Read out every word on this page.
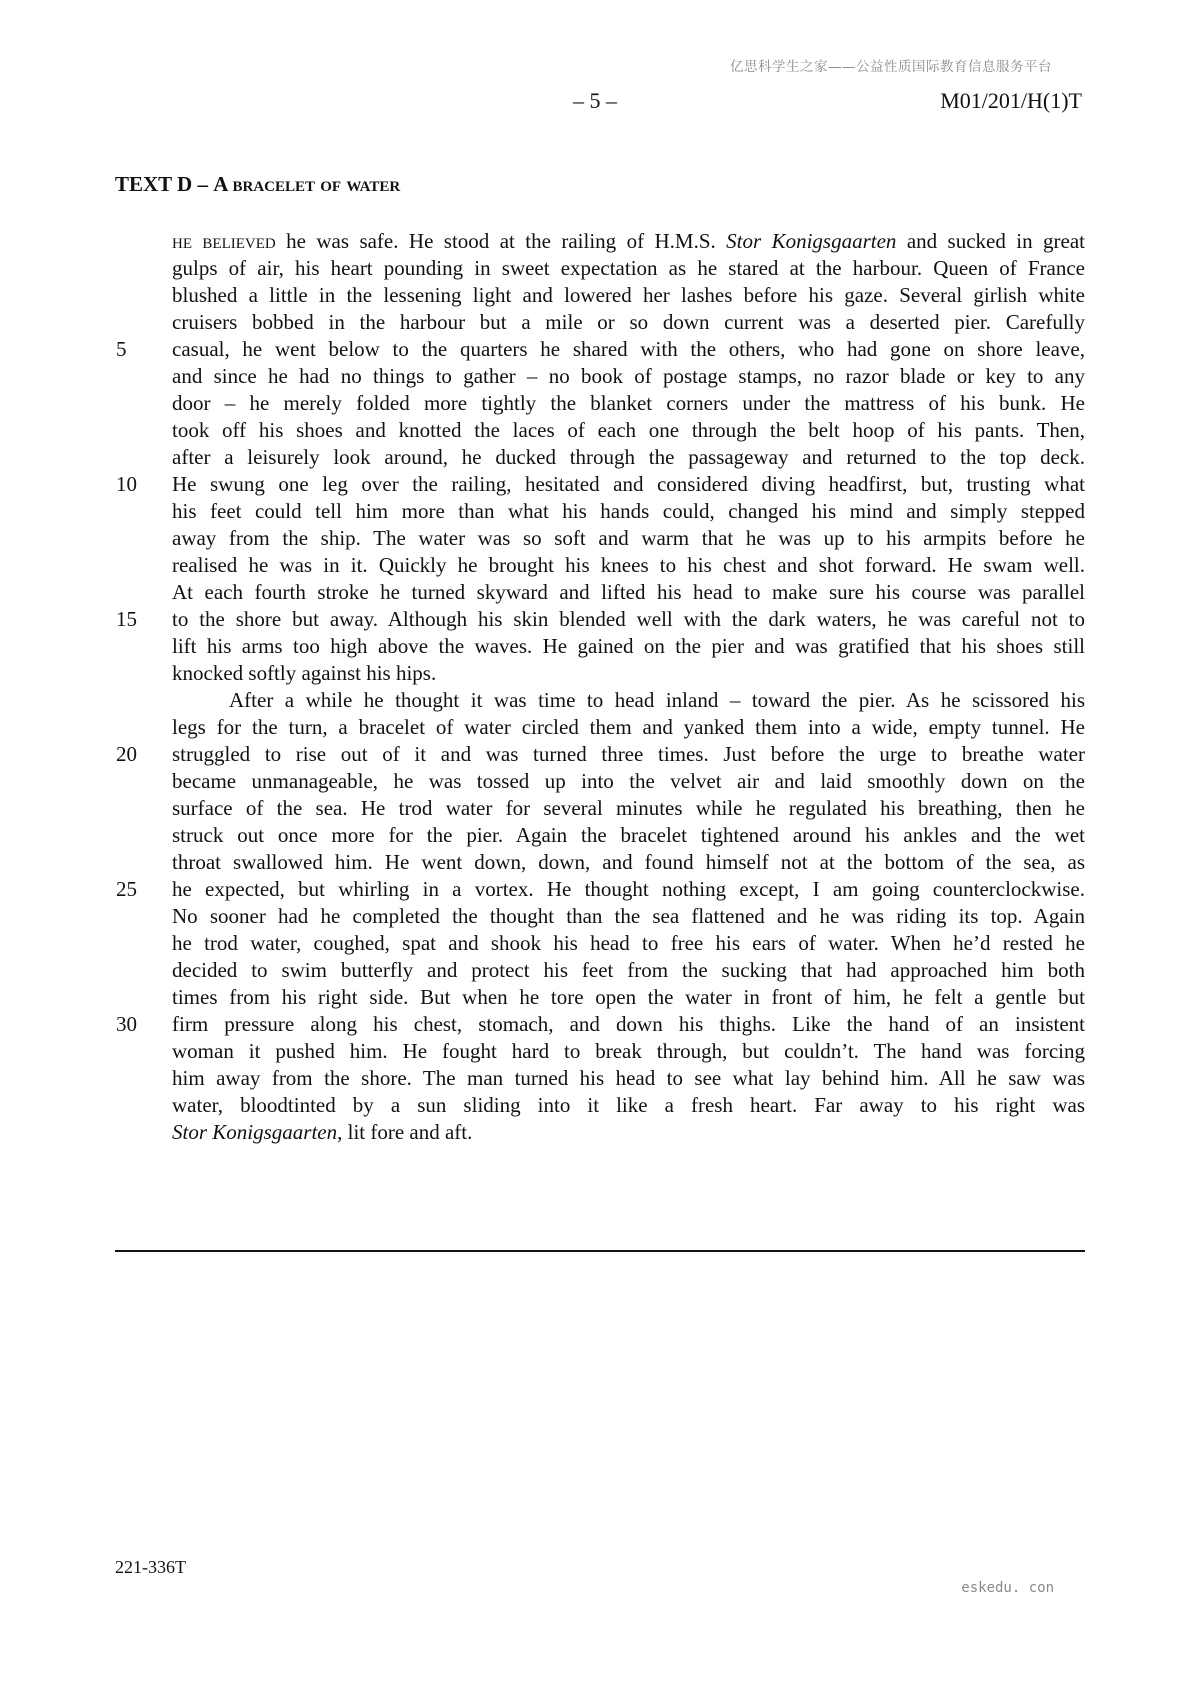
亿思科学生之家——公益性质国际教育信息服务平台
– 5 –	M01/201/H(1)T
TEXT D – A bracelet of water
he believed he was safe. He stood at the railing of H.M.S. Stor Konigsgaarten and sucked in great
gulps of air, his heart pounding in sweet expectation as he stared at the harbour. Queen of France
blushed a little in the lessening light and lowered her lashes before his gaze. Several girlish white
cruisers bobbed in the harbour but a mile or so down current was a deserted pier. Carefully
5 casual, he went below to the quarters he shared with the others, who had gone on shore leave,
and since he had no things to gather – no book of postage stamps, no razor blade or key to any
door – he merely folded more tightly the blanket corners under the mattress of his bunk. He
took off his shoes and knotted the laces of each one through the belt hoop of his pants. Then,
after a leisurely look around, he ducked through the passageway and returned to the top deck.
10 He swung one leg over the railing, hesitated and considered diving headfirst, but, trusting what
his feet could tell him more than what his hands could, changed his mind and simply stepped
away from the ship. The water was so soft and warm that he was up to his armpits before he
realised he was in it. Quickly he brought his knees to his chest and shot forward. He swam well.
At each fourth stroke he turned skyward and lifted his head to make sure his course was parallel
15 to the shore but away. Although his skin blended well with the dark waters, he was careful not to
lift his arms too high above the waves. He gained on the pier and was gratified that his shoes still
knocked softly against his hips.
After a while he thought it was time to head inland – toward the pier. As he scissored his
legs for the turn, a bracelet of water circled them and yanked them into a wide, empty tunnel. He
20 struggled to rise out of it and was turned three times. Just before the urge to breathe water
became unmanageable, he was tossed up into the velvet air and laid smoothly down on the
surface of the sea. He trod water for several minutes while he regulated his breathing, then he
struck out once more for the pier. Again the bracelet tightened around his ankles and the wet
throat swallowed him. He went down, down, and found himself not at the bottom of the sea, as
25 he expected, but whirling in a vortex. He thought nothing except, I am going counterclockwise.
No sooner had he completed the thought than the sea flattened and he was riding its top. Again
he trod water, coughed, spat and shook his head to free his ears of water. When he’d rested he
decided to swim butterfly and protect his feet from the sucking that had approached him both
times from his right side. But when he tore open the water in front of him, he felt a gentle but
30 firm pressure along his chest, stomach, and down his thighs. Like the hand of an insistent
woman it pushed him. He fought hard to break through, but couldn’t. The hand was forcing
him away from the shore. The man turned his head to see what lay behind him. All he saw was
water, bloodtinted by a sun sliding into it like a fresh heart. Far away to his right was
Stor Konigsgaarten, lit fore and aft.
221-336T
eskedu. con
